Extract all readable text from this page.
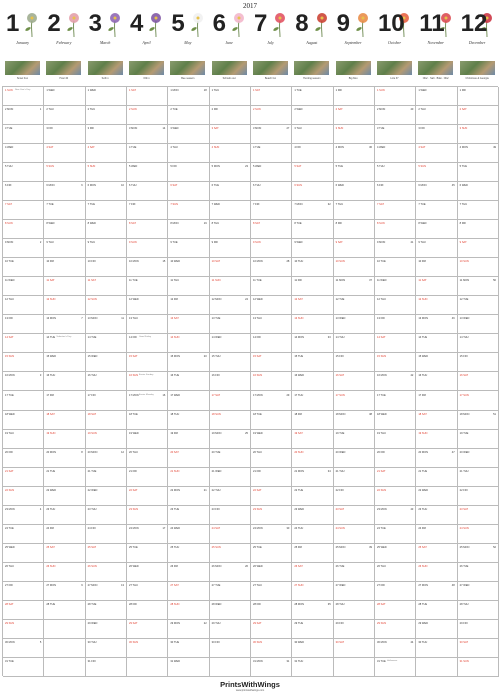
2017
1
January
Snow Fun
2
February
Hvar 40
3
March
Sofi in
4
April
Olli in
5
May
Bee season
6
June
Schools out
7
July
Beach fun
8
August
Hunting season
9
September
Big fisio
10
October
Liza 37
11
November
Olle! · Salt · Bilat · Olle!
12
December
Christmas & Georgia
1 SUN New Year's Day
2 MON	1
3 TUE
4 WED
5 THU
6 FRI
7 SAT
8 SUN
9 MON	2
10 TUE
11 WED
12 THU
13 FRI
14 SAT
15 SUN
16 MON	3
17 TUE
18 WED
19 THU
20 FRI
21 SAT
22 SUN
23 MON	4
24 TUE
25 WED
26 THU
27 FRI
28 SAT
29 SUN
30 MON	5
31 TUE
1 WED
2 THU
3 FRI
4 SAT
5 SUN
6 MON	6
7 TUE
8 WED
9 THU
10 FRI
11 SAT
12 SUN
13 MON	7
14 TUE Valentine's Day
15 WED
16 THU
17 FRI
18 SAT
19 SUN
20 MON	8
21 TUE
22 WED
23 THU
24 FRI
25 SAT
26 SUN
27 MON	9
28 TUE
1 WED
2 THU
3 FRI
4 SAT
5 SUN
6 MON	10
7 TUE
8 WED
9 THU
10 FRI
11 SAT
12 SUN
13 MON	11
14 TUE
15 WED
16 THU
17 FRI
18 SAT
19 SUN
20 MON	12
21 TUE
22 WED
23 THU
24 FRI
25 SAT
26 SUN
27 MON	13
28 TUE
29 WED
30 THU
31 FRI
1 SAT
2 SUN
3 MON	14
4 TUE
5 WED
6 THU
7 FRI
8 SAT
9 SUN
10 MON	15
11 TUE
12 WED
13 THU
14 FRI Good Friday
15 SAT
16 SUN Easter Sunday
17 MON	16
Easter Monday
18 TUE
19 WED
20 THU
21 FRI
22 SAT
23 SUN
24 MON	17
25 TUE
26 WED
27 THU
28 FRI
29 SAT
30 SUN
1 MON	18
2 TUE
3 WED
4 THU
5 FRI
6 SAT
7 SUN
8 MON	19
9 TUE
10 WED
11 THU
12 FRI
13 SAT
14 SUN
15 MON	20
16 TUE
17 WED
18 THU
19 FRI
20 SAT
21 SUN
22 MON	21
23 TUE
24 WED
25 THU
26 FRI
27 SAT
28 SUN
29 MON	22
30 TUE
31 WED
1 THU
2 FRI
3 SAT
4 SUN
5 MON	23
6 TUE
7 WED
8 THU
9 FRI
10 SAT
11 SUN
12 MON	24
13 TUE
14 WED
15 THU
16 FRI
17 SAT
18 SUN
19 MON	25
20 TUE
21 WED
22 THU
23 FRI
24 SAT
25 SUN
26 MON	26
27 TUE
28 WED
29 THU
30 FRI
1 SAT
2 SUN
3 MON	27
4 TUE
5 WED
6 THU
7 FRI
8 SAT
9 SUN
10 MON	28
11 TUE
12 WED
13 THU
14 FRI
15 SAT
16 SUN
17 MON	29
18 TUE
19 WED
20 THU
21 FRI
22 SAT
23 SUN
24 MON	30
25 TUE
26 WED
27 THU
28 FRI
29 SAT
30 SUN
31 MON	31
1 TUE
2 WED
3 THU
4 FRI
5 SAT
6 SUN
7 MON	32
8 TUE
9 WED
10 THU
11 FRI
12 SAT
13 SUN
14 MON	33
15 TUE
16 WED
17 THU
18 FRI
19 SAT
20 SUN
21 MON	34
22 TUE
23 WED
24 THU
25 FRI
26 SAT
27 SUN
28 MON	35
29 TUE
30 WED
31 THU
1 FRI
2 SAT
3 SUN
4 MON	36
5 TUE
6 WED
7 THU
8 FRI
9 SAT
10 SUN
11 MON	37
12 TUE
13 WED
14 THU
15 FRI
16 SAT
17 SUN
18 MON	38
19 TUE
20 WED
21 THU
22 FRI
23 SAT
24 SUN
25 MON	39
26 TUE
27 WED
28 THU
29 FRI
30 SAT
1 SUN
2 MON	40
3 TUE
4 WED
5 THU
6 FRI
7 SAT
8 SUN
9 MON	41
10 TUE
11 WED
12 THU
13 FRI
14 SAT
15 SUN
16 MON	42
17 TUE
18 WED
19 THU
20 FRI
21 SAT
22 SUN
23 MON	43
24 TUE
25 WED
26 THU
27 FRI
28 SAT
29 SUN
30 MON	44
31 TUE Halloween
1 WED
2 THU
3 FRI
4 SAT
5 SUN
6 MON	45
7 TUE
8 WED
9 THU
10 FRI
11 SAT
12 SUN
13 MON	46
14 TUE
15 WED
16 THU
17 FRI
18 SAT
19 SUN
20 MON	47
21 TUE
22 WED
23 THU
24 FRI
25 SAT
26 SUN
27 MON	48
28 TUE
29 WED
30 THU
1 FRI
2 SAT
3 SUN
4 MON	49
5 TUE
6 WED
7 THU
8 FRI
9 SAT
10 SUN
11 MON	50
12 TUE
13 WED
14 THU
15 FRI
16 SAT
17 SUN
18 MON	51
19 TUE
20 WED
21 THU
22 FRI
23 SAT
24 SUN
25 MON	52
26 TUE
27 WED
28 THU
29 FRI
30 SAT
31 SUN
PrintsWithWings
www.printswithwings.com
